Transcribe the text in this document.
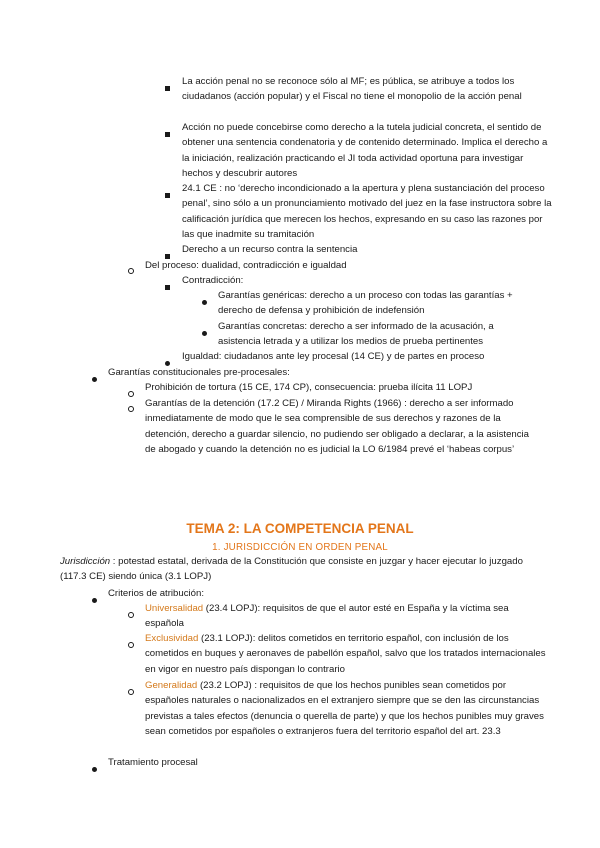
La acción penal no se reconoce sólo al MF; es pública, se atribuye a todos los ciudadanos (acción popular) y el Fiscal no tiene el monopolio de la acción penal
Acción no puede concebirse como derecho a la tutela judicial concreta, el sentido de obtener una sentencia condenatoria y de contenido determinado. Implica el derecho a la iniciación, realización practicando el JI toda actividad oportuna para investigar hechos y descubrir autores
24.1 CE : no ‘derecho incondicionado a la apertura y plena sustanciación del proceso penal’, sino sólo a un pronunciamiento motivado del juez en la fase instructora sobre la calificación jurídica que merecen los hechos, expresando en su caso las razones por las que inadmite su tramitación
Derecho a un recurso contra la sentencia
Del proceso: dualidad, contradicción e igualdad
Contradicción:
Garantías genéricas: derecho a un proceso con todas las garantías + derecho de defensa y prohibición de indefensión
Garantías concretas: derecho a ser informado de la acusación, a asistencia letrada y a utilizar los medios de prueba pertinentes
Igualdad: ciudadanos ante ley procesal (14 CE) y de partes en proceso
Garantías constitucionales pre-procesales:
Prohibición de tortura (15 CE, 174 CP), consecuencia: prueba ilícita 11 LOPJ
Garantías de la detención (17.2 CE) / Miranda Rights (1966) : derecho a ser informado inmediatamente de modo que le sea comprensible de sus derechos y razones de la detención, derecho a guardar silencio, no pudiendo ser obligado a declarar, a la asistencia de abogado y cuando la detención no es judicial la LO 6/1984 prevé el ‘habeas corpus’
TEMA 2: LA COMPETENCIA PENAL
1. JURISDICCIÓN EN ORDEN PENAL
Jurisdicción : potestad estatal, derivada de la Constitución que consiste en juzgar y hacer ejecutar lo juzgado (117.3 CE) siendo única (3.1 LOPJ)
Criterios de atribución:
Universalidad (23.4 LOPJ): requisitos de que el autor esté en España y la víctima sea española
Exclusividad (23.1 LOPJ): delitos cometidos en territorio español, con inclusión de los cometidos en buques y aeronaves de pabellón español, salvo que los tratados internacionales en vigor en nuestro país dispongan lo contrario
Generalidad (23.2 LOPJ) : requisitos de que los hechos punibles sean cometidos por españoles naturales o nacionalizados en el extranjero siempre que se den las circunstancias previstas a tales efectos (denuncia o querella de parte) y que los hechos punibles muy graves sean cometidos por españoles o extranjeros fuera del territorio español del art. 23.3
Tratamiento procesal
